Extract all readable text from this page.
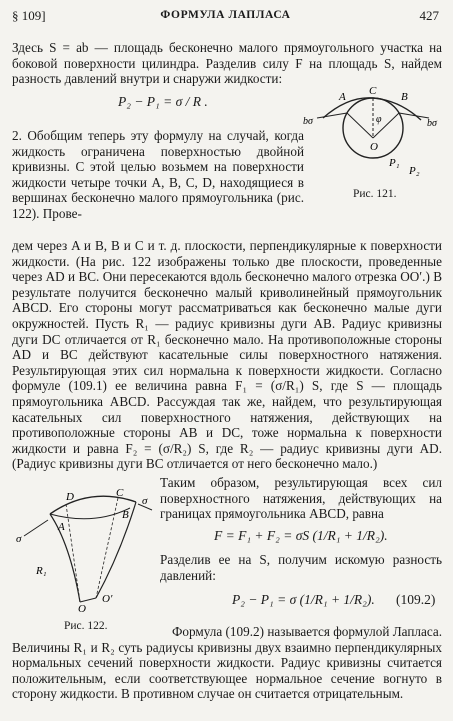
§ 109]	ФОРМУЛА ЛАПЛАСА	427
Здесь S = ab — площадь бесконечно малого прямоугольного участка на боковой поверхности цилиндра. Разделив силу F на площадь S, найдем разность давлений внутри и снаружи жидкости:
P₂ − P₁ = σ / R .	A C B
bσ	bσ
φ
O
P₁
P₂
Рис. 121.
2. Обобщим теперь эту формулу на случай, когда жидкость ограничена поверхностью двойной кривизны. С этой целью возьмем на поверхности жидкости четыре точки A, B, C, D, находящиеся в вершинах бесконечно малого прямоугольника (рис. 122). Прове-
дем через A и B, B и C и т. д. плоскости, перпендикулярные к поверхности жидкости. (На рис. 122 изображены только две плоскости, проведенные через AD и BC. Они пересекаются вдоль бесконечно малого отрезка OO′.) В результате получится бесконечно малый криволинейный прямоугольник ABCD. Его стороны могут рассматриваться как бесконечно малые дуги окружностей. Пусть R₁ — радиус кривизны дуги AB. Радиус кривизны дуги DC отличается от R₁ бесконечно мало. На противоположные стороны AD и BC действуют касательные силы поверхностного натяжения. Результирующая этих сил нормальна к поверхности жидкости. Согласно формуле (109.1) ее величина равна F₁ = (σ/R₁) S, где S — площадь прямоугольника ABCD. Рассуждая так же, найдем, что результирующая касательных сил поверхностного натяжения, действующих на противоположные стороны AB и DC, тоже нормальна к поверхности жидкости и равна F₂ = (σ/R₂) S, где R₂ — радиус кривизны дуги AD. (Радиус кривизны дуги BC отличается от него бесконечно мало.)
D	C
B
A
σ
σ
R₁
O
O′
Рис. 122.
Таким образом, результирующая всех сил поверхностного натяжения, действующих на границах прямоугольника ABCD, равна
F = F₁ + F₂ = σS (1/R₁ + 1/R₂).
Разделив ее на S, получим искомую разность давлений:
P₂ − P₁ = σ (1/R₁ + 1/R₂). (109.2)
Формула (109.2) называется формулой Лапласа. Величины R₁ и R₂ суть радиусы кривизны двух взаимно перпендикулярных нормальных сечений поверхности жидкости. Радиус кривизны считается положительным, если соответствующее нормальное сечение вогнуто в сторону жидкости. В противном случае он считается отрицательным.
